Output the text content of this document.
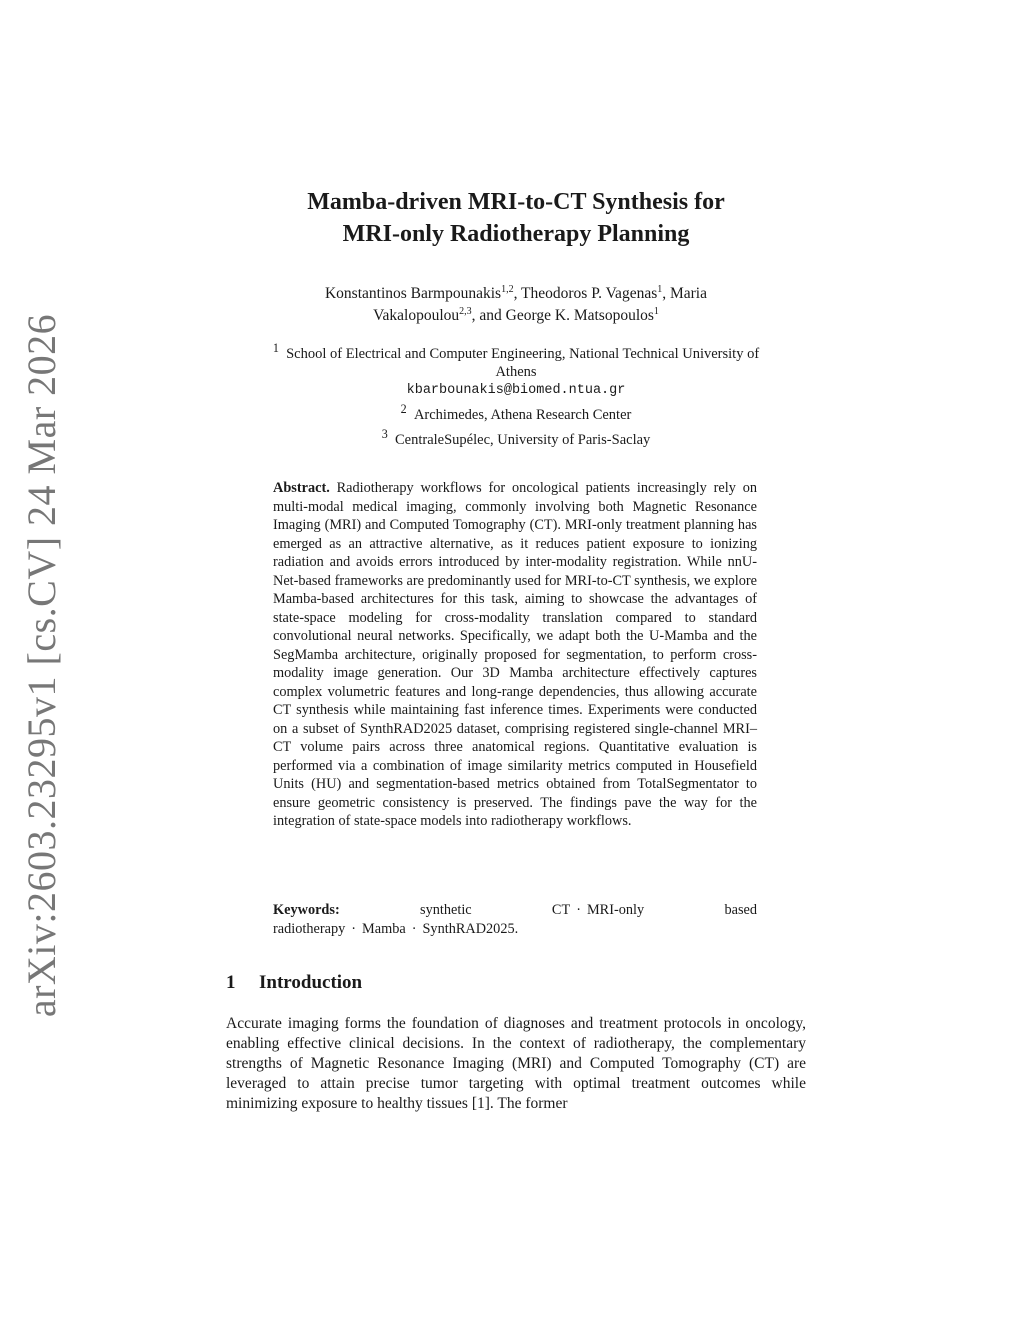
arXiv:2603.23295v1 [cs.CV] 24 Mar 2026
Mamba-driven MRI-to-CT Synthesis for
MRI-only Radiotherapy Planning
Konstantinos Barmpounakis$^{1,2}$, Theodoros P. Vagenas$^1$, Maria
Vakalopoulou$^{2,3}$, and George K. Matsopoulos$^1$
$^1$ School of Electrical and Computer Engineering, National Technical University of
Athens
kbarbounakis@biomed.ntua.gr
$^2$ Archimedes, Athena Research Center
$^3$ CentraleSupélec, University of Paris-Saclay
Abstract. Radiotherapy workflows for oncological patients increasingly rely on multi-modal medical imaging, commonly involving both Magnetic Resonance Imaging (MRI) and Computed Tomography (CT). MRI-only treatment planning has emerged as an attractive alternative, as it reduces patient exposure to ionizing radiation and avoids errors introduced by inter-modality registration. While nnU-Net-based frameworks are predominantly used for MRI-to-CT synthesis, we explore Mamba-based architectures for this task, aiming to showcase the advantages of state-space modeling for cross-modality translation compared to standard convolutional neural networks. Specifically, we adapt both the U-Mamba and the SegMamba architecture, originally proposed for segmentation, to perform cross-modality image generation. Our 3D Mamba architecture effectively captures complex volumetric features and long-range dependencies, thus allowing accurate CT synthesis while maintaining fast inference times. Experiments were conducted on a subset of SynthRAD2025 dataset, comprising registered single-channel MRI–CT volume pairs across three anatomical regions. Quantitative evaluation is performed via a combination of image similarity metrics computed in Housefield Units (HU) and segmentation-based metrics obtained from TotalSegmentator to ensure geometric consistency is preserved. The findings pave the way for the integration of state-space models into radiotherapy workflows.
Keywords:	synthetic CT · MRI-only based radiotherapy · Mamba · SynthRAD2025.
1 Introduction
Accurate imaging forms the foundation of diagnoses and treatment protocols in oncology, enabling effective clinical decisions. In the context of radiotherapy, the complementary strengths of Magnetic Resonance Imaging (MRI) and Computed Tomography (CT) are leveraged to attain precise tumor targeting with optimal treatment outcomes while minimizing exposure to healthy tissues [1]. The former
